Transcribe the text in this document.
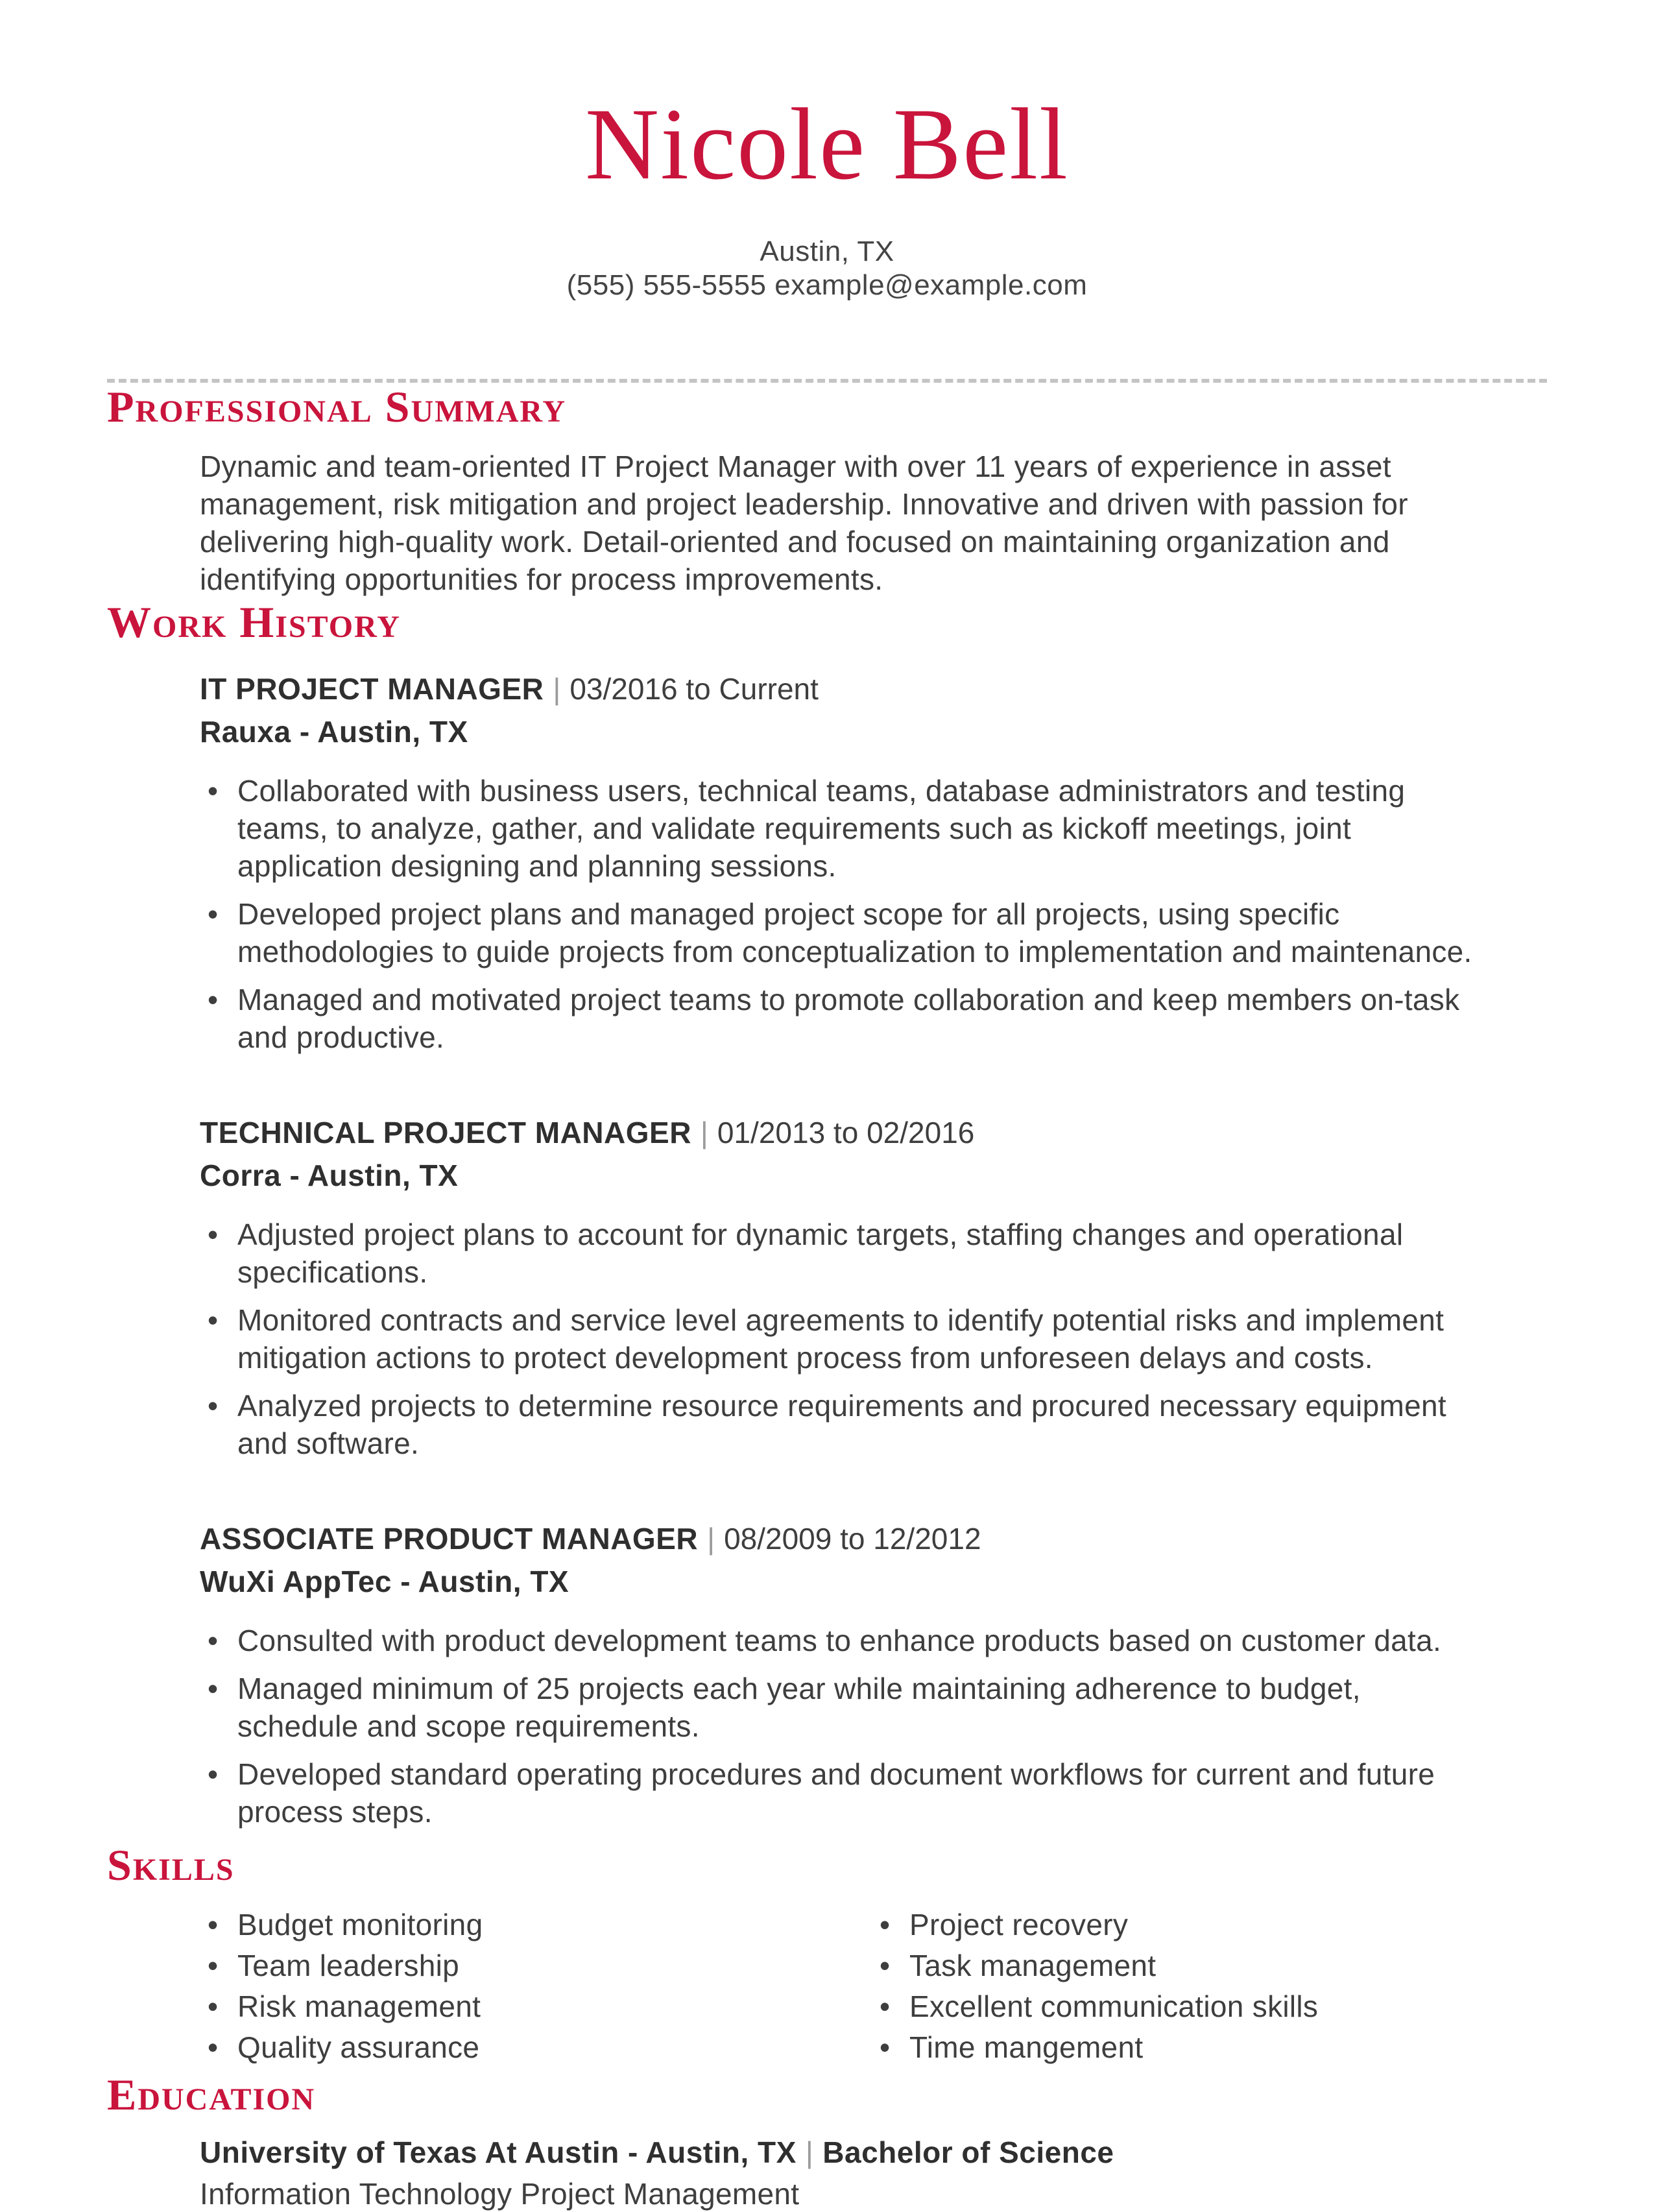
Nicole Bell
Austin, TX
(555) 555-5555 example@example.com
Professional Summary

Dynamic and team-oriented IT Project Manager with over 11 years of experience in asset management, risk mitigation and project leadership. Innovative and driven with passion for delivering high-quality work. Detail-oriented and focused on maintaining organization and identifying opportunities for process improvements.

Work History
IT PROJECT MANAGER | 03/2016 to Current
Rauxa - Austin, TX
• Collaborated with business users, technical teams, database administrators and testing teams, to analyze, gather, and validate requirements such as kickoff meetings, joint application designing and planning sessions.
• Developed project plans and managed project scope for all projects, using specific methodologies to guide projects from conceptualization to implementation and maintenance.
• Managed and motivated project teams to promote collaboration and keep members on-task and productive.
TECHNICAL PROJECT MANAGER | 01/2013 to 02/2016
Corra - Austin, TX
• Adjusted project plans to account for dynamic targets, staffing changes and operational specifications.
• Monitored contracts and service level agreements to identify potential risks and implement mitigation actions to protect development process from unforeseen delays and costs.
• Analyzed projects to determine resource requirements and procured necessary equipment and software.
ASSOCIATE PRODUCT MANAGER | 08/2009 to 12/2012
WuXi AppTec - Austin, TX
• Consulted with product development teams to enhance products based on customer data.
• Managed minimum of 25 projects each year while maintaining adherence to budget, schedule and scope requirements.
• Developed standard operating procedures and document workflows for current and future process steps.
Skills
• Budget monitoring
• Team leadership
• Risk management
• Quality assurance
• Project recovery
• Task management
• Excellent communication skills
• Time mangement
Education
University of Texas At Austin - Austin, TX | Bachelor of Science
Information Technology Project Management
